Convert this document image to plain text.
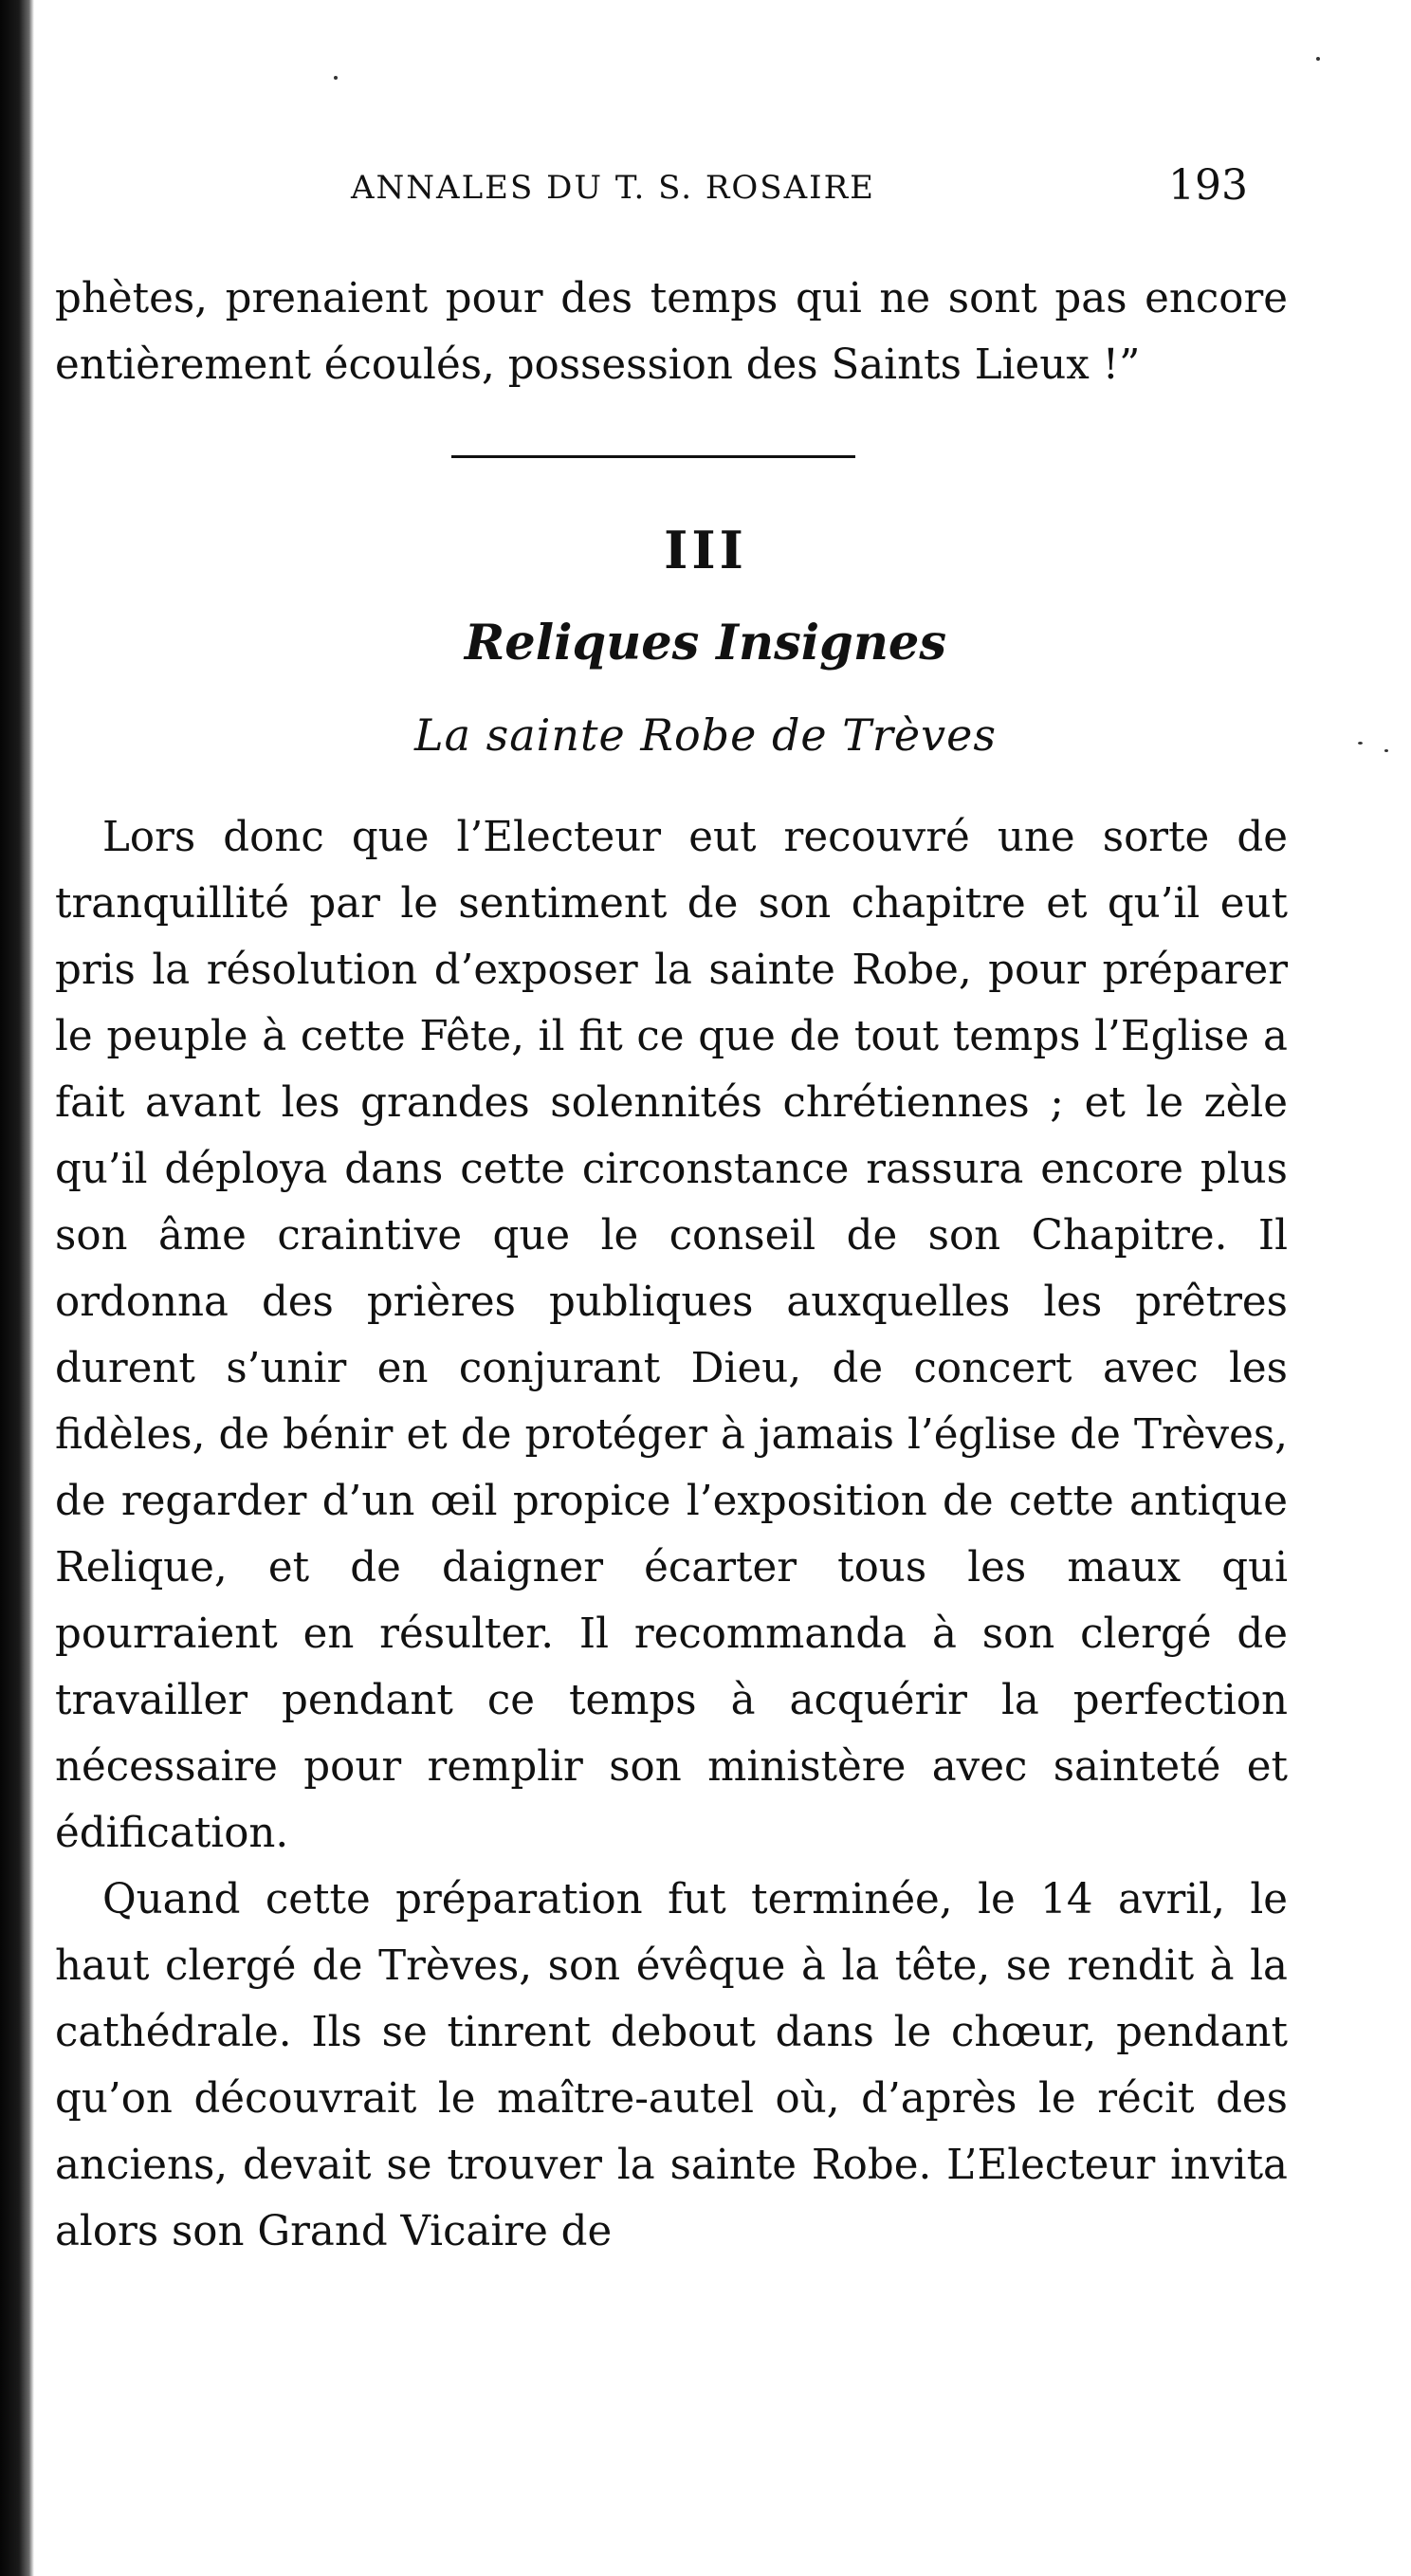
ANNALES DU T. S. ROSAIRE	193

phètes, prenaient pour des temps qui ne sont pas encore entièrement écoulés, possession des Saints Lieux !”

III
Reliques Insignes
La sainte Robe de Trèves

Lors donc que l’Electeur eut recouvré une sorte de tranquillité par le sentiment de son chapitre et qu’il eut pris la résolution d’exposer la sainte Robe, pour préparer le peuple à cette Fête, il fit ce que de tout temps l’Eglise a fait avant les grandes solennités chrétiennes ; et le zèle qu’il déploya dans cette circonstance rassura encore plus son âme craintive que le conseil de son Chapitre. Il ordonna des prières publiques auxquelles les prêtres durent s’unir en conjurant Dieu, de concert avec les fidèles, de bénir et de protéger à jamais l’église de Trèves, de regarder d’un œil propice l’exposition de cette antique Relique, et de daigner écarter tous les maux qui pourraient en résulter. Il recommanda à son clergé de travailler pendant ce temps à acquérir la perfection nécessaire pour remplir son ministère avec sainteté et édification.

Quand cette préparation fut terminée, le 14 avril, le haut clergé de Trèves, son évêque à la tête, se rendit à la cathédrale. Ils se tinrent debout dans le chœur, pendant qu’on découvrait le maître-autel où, d’après le récit des anciens, devait se trouver la sainte Robe. L’Electeur invita alors son Grand Vicaire de
